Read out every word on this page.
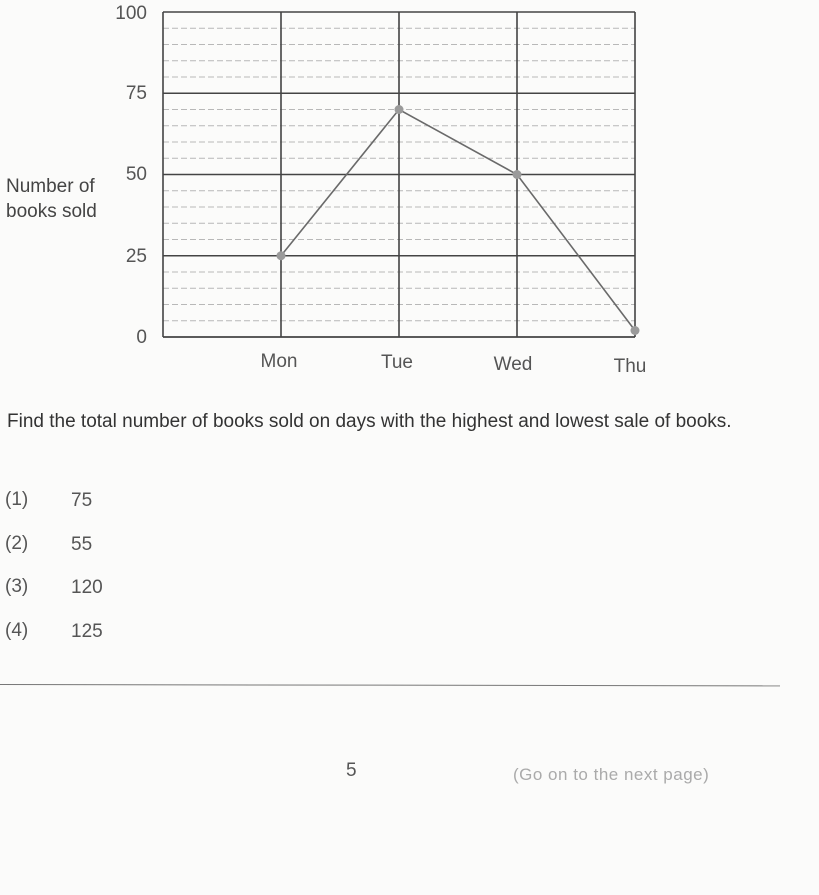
100
75
50
25
0
Mon	Tue	Wed	Thu
Number of
books sold
Find the total number of books sold on days with the highest and lowest sale of books.
(1) 75
(2) 55
(3) 120
(4) 125
5	(Go on to the next page)
